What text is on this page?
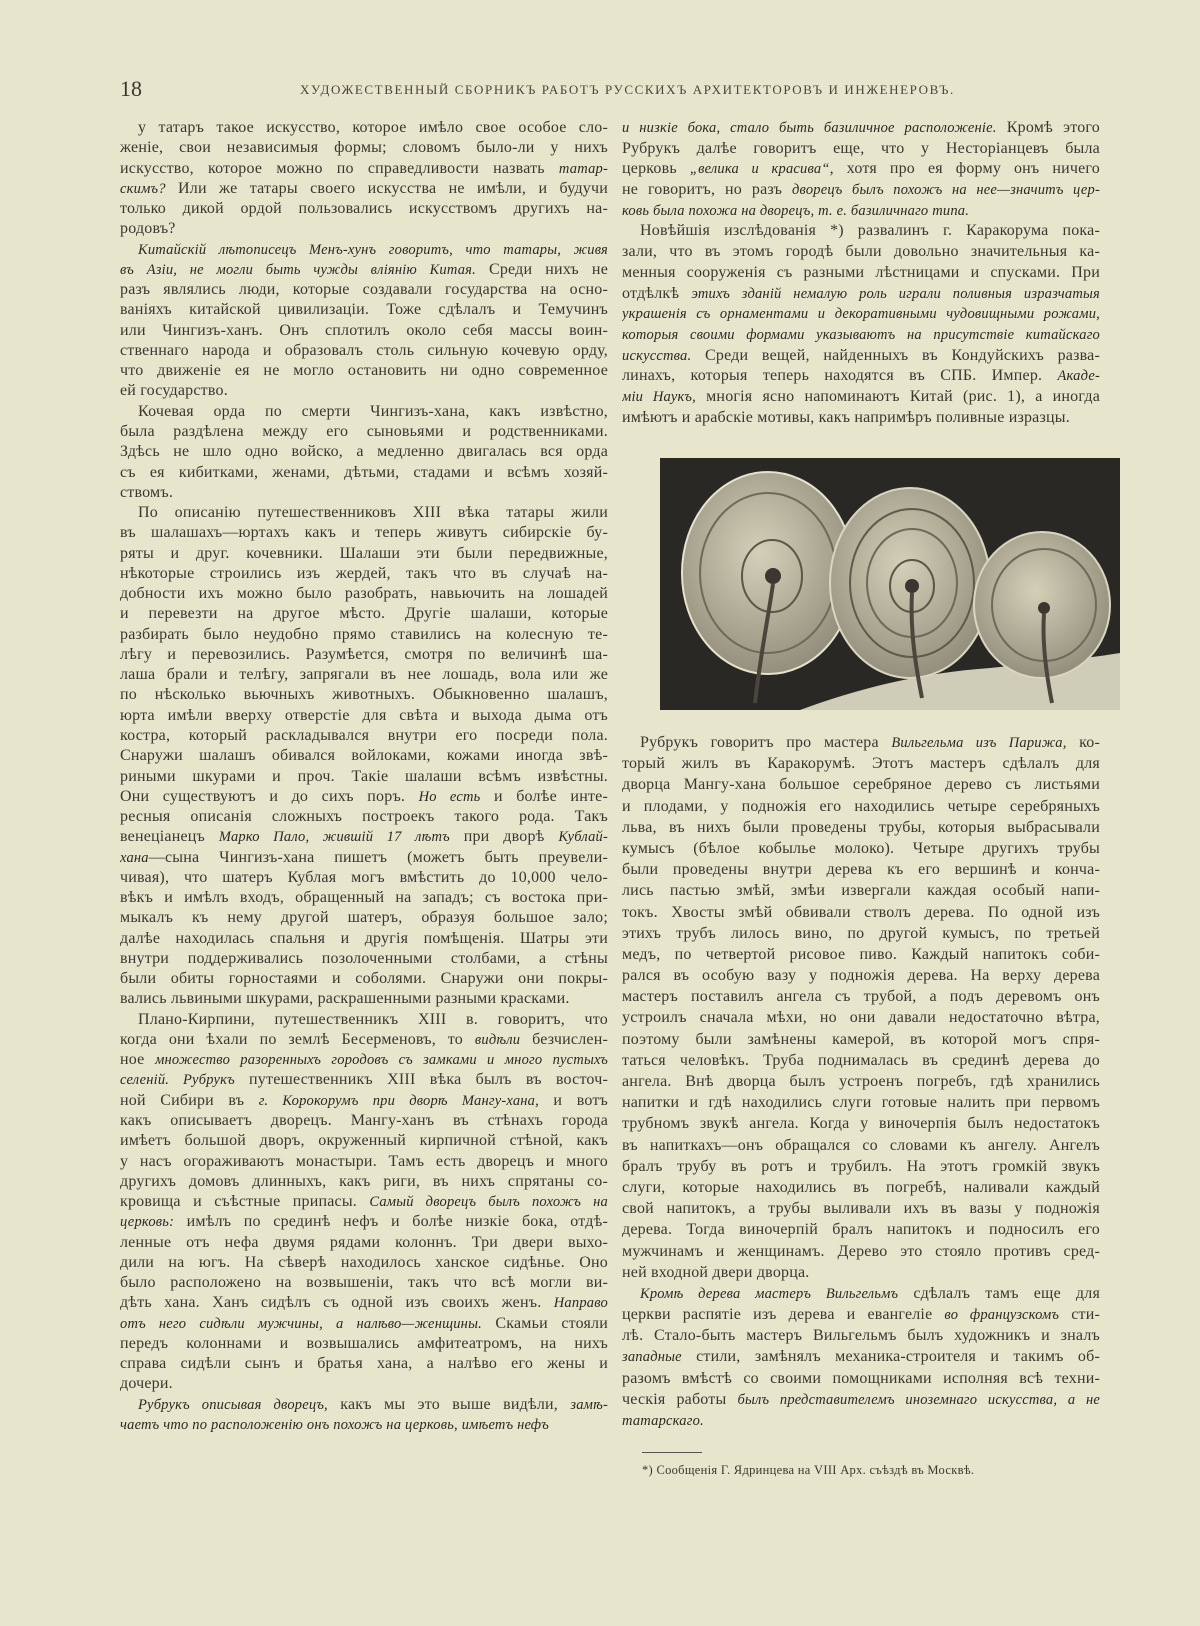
18	ХУДОЖЕСТВЕННЫЙ СБОРНИКЪ РАБОТЪ РУССКИХЪ АРХИТЕКТОРОВЪ И ИНЖЕНЕРОВЪ.
у татаръ такое искусство, которое имѣло свое особое сло-
женіе, свои независимыя формы; словомъ было-ли у нихъ
искусство, которое можно по справедливости назвать татар-
скимъ? Или же татары своего искусства не имѣли, и будучи
только дикой ордой пользовались искусствомъ другихъ на-
родовъ?
Китайскій лѣтописецъ Менъ-хунъ говоритъ, что татары, живя
въ Азіи, не могли быть чужды вліянію Китая. Среди нихъ не
разъ являлись люди, которые создавали государства на осно-
ваніяхъ китайской цивилизаціи. Тоже сдѣлалъ и Темучинъ
или Чингизъ-ханъ. Онъ сплотилъ около себя массы воин-
ственнаго народа и образовалъ столь сильную кочевую орду,
что движеніе ея не могло остановить ни одно современное
ей государство.
Кочевая орда по смерти Чингизъ-хана, какъ извѣстно,
была раздѣлена между его сыновьями и родственниками.
Здѣсь не шло одно войско, а медленно двигалась вся орда
съ ея кибитками, женами, дѣтьми, стадами и всѣмъ хозяй-
ствомъ.
По описанію путешественниковъ XIII вѣка татары жили
въ шалашахъ—юртахъ какъ и теперь живутъ сибирскіе бу-
ряты и друг. кочевники. Шалаши эти были передвижные,
нѣкоторые строились изъ жердей, такъ что въ случаѣ на-
добности ихъ можно было разобрать, навьючить на лошадей
и перевезти на другое мѣсто. Другіе шалаши, которые
разбирать было неудобно прямо ставились на колесную те-
лѣгу и перевозились. Разумѣется, смотря по величинѣ ша-
лаша брали и телѣгу, запрягали въ нее лошадь, вола или же
по нѣсколько вьючныхъ животныхъ. Обыкновенно шалашъ,
юрта имѣли вверху отверстіе для свѣта и выхода дыма отъ
костра, который раскладывался внутри его посреди пола.
Снаружи шалашъ обивался войлоками, кожами иногда звѣ-
риными шкурами и проч. Такіе шалаши всѣмъ извѣстны.
Они существуютъ и до сихъ поръ. Но есть и болѣе инте-
ресныя описанія сложныхъ построекъ такого рода. Такъ
венеціанецъ Марко Пало, жившій 17 лѣтъ при дворѣ Кублай-
хана—сына Чингизъ-хана пишетъ (можетъ быть преувели-
чивая), что шатеръ Кублая могъ вмѣстить до 10,000 чело-
вѣкъ и имѣлъ входъ, обращенный на западъ; съ востока при-
мыкалъ къ нему другой шатеръ, образуя большое зало;
далѣе находилась спальня и другія помѣщенія. Шатры эти
внутри поддерживались позолоченными столбами, а стѣны
были обиты горностаями и соболями. Снаружи они покры-
вались львиными шкурами, раскрашенными разными красками.
Плано-Кирпини, путешественникъ XIII в. говоритъ, что
когда они ѣхали по землѣ Бесерменовъ, то видѣли безчислен-
ное множество разоренныхъ городовъ съ замками и много пустыхъ
селеній. Рубрукъ путешественникъ XIII вѣка былъ въ восточ-
ной Сибири въ г. Корокорумъ при дворѣ Мангу-хана, и вотъ
какъ описываетъ дворецъ. Мангу-ханъ въ стѣнахъ города
имѣетъ большой дворъ, окруженный кирпичной стѣной, какъ
у насъ огораживаютъ монастыри. Тамъ есть дворецъ и много
другихъ домовъ длинныхъ, какъ риги, въ нихъ спрятаны со-
кровища и съѣстные припасы. Самый дворецъ былъ похожъ на
церковь: имѣлъ по срединѣ нефъ и болѣе низкіе бока, отдѣ-
ленные отъ нефа двумя рядами колоннъ. Три двери выхо-
дили на югъ. На сѣверѣ находилось ханское сидѣнье. Оно
было расположено на возвышеніи, такъ что всѣ могли ви-
дѣть хана. Ханъ сидѣлъ съ одной изъ своихъ женъ. Направо
отъ него сидѣли мужчины, а налѣво—женщины. Скамьи стояли
передъ колоннами и возвышались амфитеатромъ, на нихъ
справа сидѣли сынъ и братья хана, а налѣво его жены и
дочери.
Рубрукъ описывая дворецъ, какъ мы это выше видѣли, замѣ-
чаетъ что по расположенію онъ похожъ на церковь, имѣетъ нефъ
и низкіе бока, стало быть базиличное расположеніе. Кромѣ этого
Рубрукъ далѣе говоритъ еще, что у Несторіанцевъ была
церковь „велика и красива“, хотя про ея форму онъ ничего
не говоритъ, но разъ дворецъ былъ похожъ на нее—значитъ цер-
ковь была похожа на дворецъ, т. е. базиличнаго типа.
Новѣйшія изслѣдованія *) развалинъ г. Каракорума пока-
зали, что въ этомъ городѣ были довольно значительныя ка-
менныя сооруженія съ разными лѣстницами и спусками. При
отдѣлкѣ этихъ зданій немалую роль играли поливныя изразчатыя
украшенія съ орнаментами и декоративными чудовищными рожами,
которыя своими формами указываютъ на присутствіе китайскаго
искусства. Среди вещей, найденныхъ въ Кондуйскихъ разва-
линахъ, которыя теперь находятся въ СПБ. Импер. Акаде-
міи Наукъ, многія ясно напоминаютъ Китай (рис. 1), а иногда
имѣютъ и арабскіе мотивы, какъ напримѣръ поливные изразцы.
Рубрукъ говоритъ про мастера Вильгельма изъ Парижа, ко-
торый жилъ въ Каракорумѣ. Этотъ мастеръ сдѣлалъ для
дворца Мангу-хана большое серебряное дерево съ листьями
и плодами, у подножія его находились четыре серебряныхъ
льва, въ нихъ были проведены трубы, которыя выбрасывали
кумысъ (бѣлое кобылье молоко). Четыре другихъ трубы
были проведены внутри дерева къ его вершинѣ и конча-
лись пастью змѣй, змѣи извергали каждая особый напи-
токъ. Хвосты змѣй обвивали стволъ дерева. По одной изъ
этихъ трубъ лилось вино, по другой кумысъ, по третьей
медъ, по четвертой рисовое пиво. Каждый напитокъ соби-
рался въ особую вазу у подножія дерева. На верху дерева
мастеръ поставилъ ангела съ трубой, а подъ деревомъ онъ
устроилъ сначала мѣхи, но они давали недостаточно вѣтра,
поэтому были замѣнены камерой, въ которой могъ спря-
таться человѣкъ. Труба поднималась въ срединѣ дерева до
ангела. Внѣ дворца былъ устроенъ погребъ, гдѣ хранились
напитки и гдѣ находились слуги готовые налить при первомъ
трубномъ звукѣ ангела. Когда у виночерпія былъ недостатокъ
въ напиткахъ—онъ обращался со словами къ ангелу. Ангелъ
бралъ трубу въ ротъ и трубилъ. На этотъ громкій звукъ
слуги, которые находились въ погребѣ, наливали каждый
свой напитокъ, а трубы выливали ихъ въ вазы у подножія
дерева. Тогда виночерпій бралъ напитокъ и подносилъ его
мужчинамъ и женщинамъ. Дерево это стояло противъ сред-
ней входной двери дворца.
Кромѣ дерева мастеръ Вильгельмъ сдѣлалъ тамъ еще для
церкви распятіе изъ дерева и евангеліе во французскомъ сти-
лѣ. Стало-быть мастеръ Вильгельмъ былъ художникъ и зналъ
западные стили, замѣнялъ механика-строителя и такимъ об-
разомъ вмѣстѣ со своими помощниками исполняя всѣ техни-
ческія работы былъ представителемъ иноземнаго искусства, а не
татарскаго.
*) Сообщенія Г. Ядринцева на VIII Арх. съѣздѣ въ Москвѣ.
